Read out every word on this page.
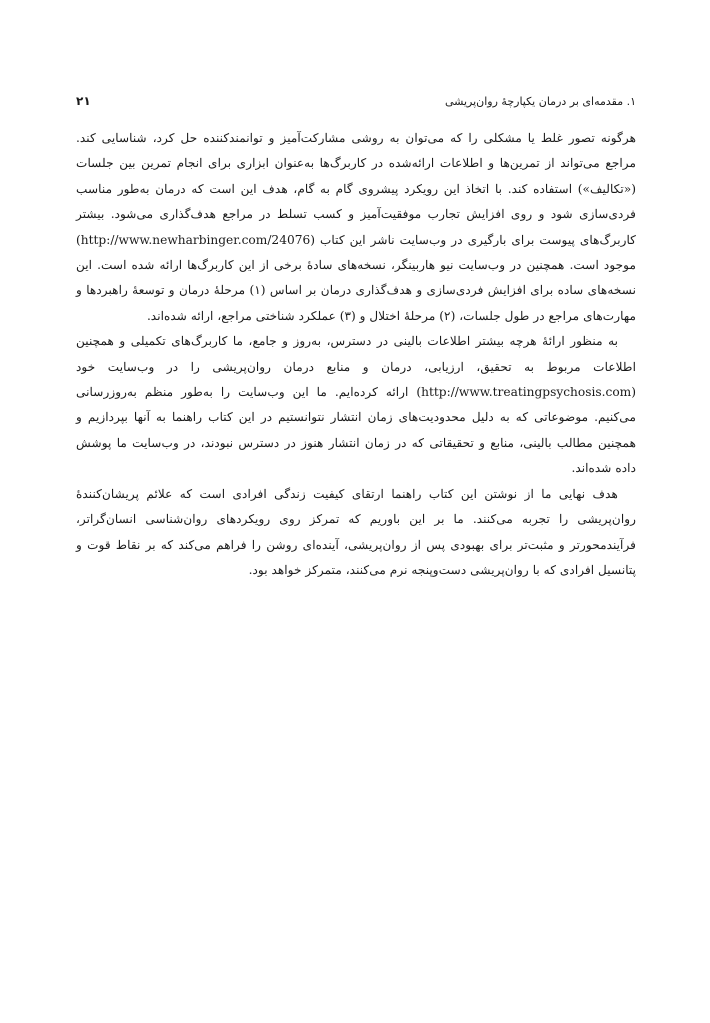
۱. مقدمه‌ای بر درمان یکپارچهٔ روان‌پریشی
۲۱

هرگونه تصور غلط یا مشکلی را که می‌توان به روشی مشارکت‌آمیز و توانمندکننده حل کرد، شناسایی کند. مراجع می‌تواند از تمرین‌ها و اطلاعات ارائه‌شده در کاربرگ‌ها به‌عنوان ابزاری برای انجام تمرین بین جلسات («تکالیف») استفاده کند. با اتخاذ این رویکرد پیشروی گام به گام، هدف این است که درمان به‌طور مناسب فردی‌سازی شود و روی افزایش تجارب موفقیت‌آمیز و کسب تسلط در مراجع هدف‌گذاری می‌شود. بیشتر کاربرگ‌های پیوست برای بارگیری در وب‌سایت ناشر این کتاب (http://www.newharbinger.com/24076) موجود است. همچنین در وب‌سایت نیو هاربینگر، نسخه‌های سادهٔ برخی از این کاربرگ‌ها ارائه شده است. این نسخه‌های ساده برای افزایش فردی‌سازی و هدف‌گذاری درمان بر اساس (۱) مرحلهٔ درمان و توسعهٔ راهبردها و مهارت‌های مراجع در طول جلسات، (۲) مرحلهٔ اختلال و (۳) عملکرد شناختی مراجع، ارائه شده‌اند.

به منظور ارائهٔ هرچه بیشتر اطلاعات بالینی در دسترس، به‌روز و جامع، ما کاربرگ‌های تکمیلی و همچنین اطلاعات مربوط به تحقیق، ارزیابی، درمان و منابع درمان روان‌پریشی را در وب‌سایت خود (http://www.treatingpsychosis.com) ارائه کرده‌ایم. ما این وب‌سایت را به‌طور منظم به‌روزرسانی می‌کنیم. موضوعاتی که به دلیل محدودیت‌های زمان انتشار نتوانستیم در این کتاب راهنما به آنها بپردازیم و همچنین مطالب بالینی، منابع و تحقیقاتی که در زمان انتشار هنوز در دسترس نبودند، در وب‌سایت ما پوشش داده شده‌اند.

هدف نهایی ما از نوشتن این کتاب راهنما ارتقای کیفیت زندگی افرادی است که علائم پریشان‌کنندهٔ روان‌پریشی را تجربه می‌کنند. ما بر این باوریم که تمرکز روی رویکردهای روان‌شناسی انسان‌گراتر، فرآیندمحورتر و مثبت‌تر برای بهبودی پس از روان‌پریشی، آینده‌ای روشن را فراهم می‌کند که بر نقاط قوت و پتانسیل افرادی که با روان‌پریشی دست‌وپنجه نرم می‌کنند، متمرکز خواهد بود.
